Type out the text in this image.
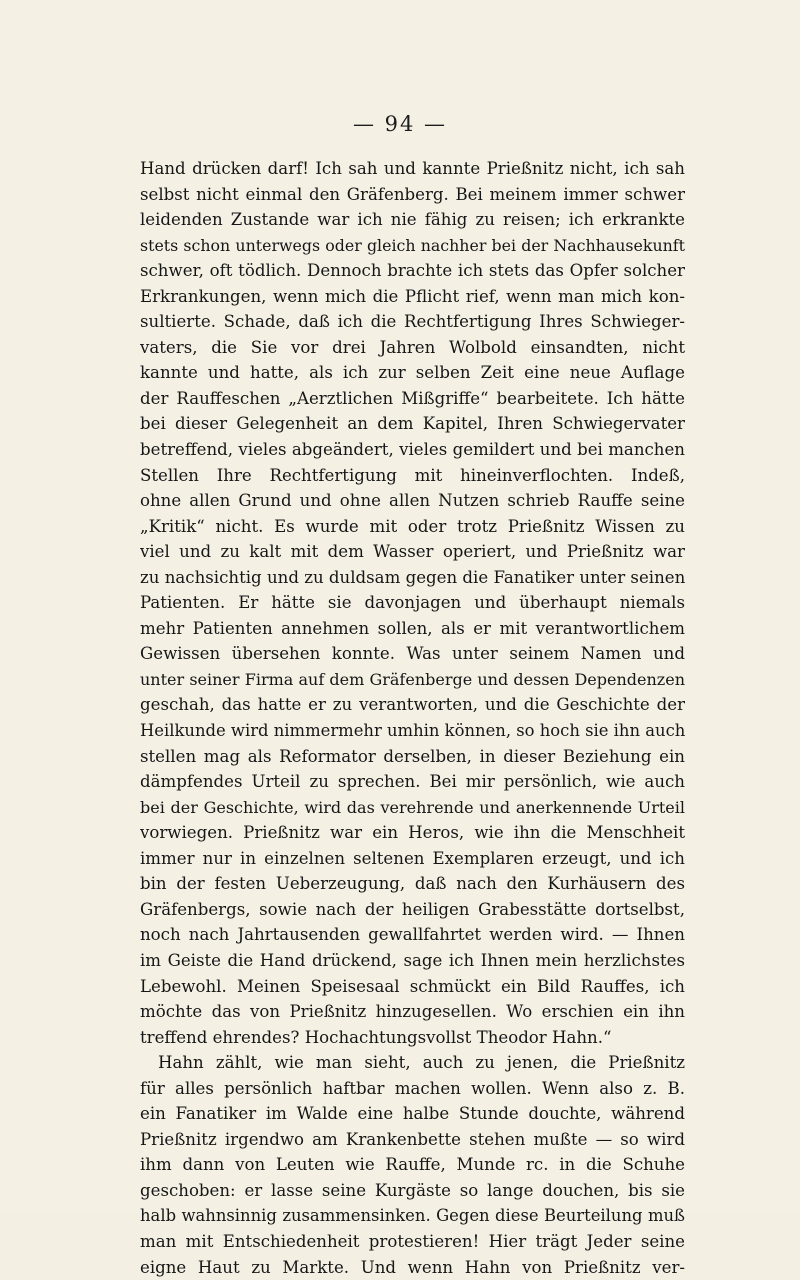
— 94 —
Hand drücken darf! Ich sah und kannte Prießnitz nicht, ich sah
selbst nicht einmal den Gräfenberg. Bei meinem immer schwer
leidenden Zustande war ich nie fähig zu reisen; ich erkrankte
stets schon unterwegs oder gleich nachher bei der Nachhausekunft
schwer, oft tödlich. Dennoch brachte ich stets das Opfer solcher
Erkrankungen, wenn mich die Pflicht rief, wenn man mich kon-
sultierte. Schade, daß ich die Rechtfertigung Ihres Schwieger-
vaters, die Sie vor drei Jahren Wolbold einsandten, nicht
kannte und hatte, als ich zur selben Zeit eine neue Auflage
der Rauffeschen „Aerztlichen Mißgriffe“ bearbeitete. Ich hätte
bei dieser Gelegenheit an dem Kapitel, Ihren Schwiegervater
betreffend, vieles abgeändert, vieles gemildert und bei manchen
Stellen Ihre Rechtfertigung mit hineinverflochten. Indeß,
ohne allen Grund und ohne allen Nutzen schrieb Rauffe seine
„Kritik“ nicht. Es wurde mit oder trotz Prießnitz Wissen zu
viel und zu kalt mit dem Wasser operiert, und Prießnitz war
zu nachsichtig und zu duldsam gegen die Fanatiker unter seinen
Patienten. Er hätte sie davonjagen und überhaupt niemals
mehr Patienten annehmen sollen, als er mit verantwortlichem
Gewissen übersehen konnte. Was unter seinem Namen und
unter seiner Firma auf dem Gräfenberge und dessen Dependenzen
geschah, das hatte er zu verantworten, und die Geschichte der
Heilkunde wird nimmermehr umhin können, so hoch sie ihn auch
stellen mag als Reformator derselben, in dieser Beziehung ein
dämpfendes Urteil zu sprechen. Bei mir persönlich, wie auch
bei der Geschichte, wird das verehrende und anerkennende Urteil
vorwiegen. Prießnitz war ein Heros, wie ihn die Menschheit
immer nur in einzelnen seltenen Exemplaren erzeugt, und ich
bin der festen Ueberzeugung, daß nach den Kurhäusern des
Gräfenbergs, sowie nach der heiligen Grabesstätte dortselbst,
noch nach Jahrtausenden gewallfahrtet werden wird. — Ihnen
im Geiste die Hand drückend, sage ich Ihnen mein herzlichstes
Lebewohl. Meinen Speisesaal schmückt ein Bild Rauffes, ich
möchte das von Prießnitz hinzugesellen. Wo erschien ein ihn
treffend ehrendes? Hochachtungsvollst Theodor Hahn.“
Hahn zählt, wie man sieht, auch zu jenen, die Prießnitz
für alles persönlich haftbar machen wollen. Wenn also z. B.
ein Fanatiker im Walde eine halbe Stunde douchte, während
Prießnitz irgendwo am Krankenbette stehen mußte — so wird
ihm dann von Leuten wie Rauffe, Munde rc. in die Schuhe
geschoben: er lasse seine Kurgäste so lange douchen, bis sie
halb wahnsinnig zusammensinken. Gegen diese Beurteilung muß
man mit Entschiedenheit protestieren! Hier trägt Jeder seine
eigne Haut zu Markte. Und wenn Hahn von Prießnitz ver-
